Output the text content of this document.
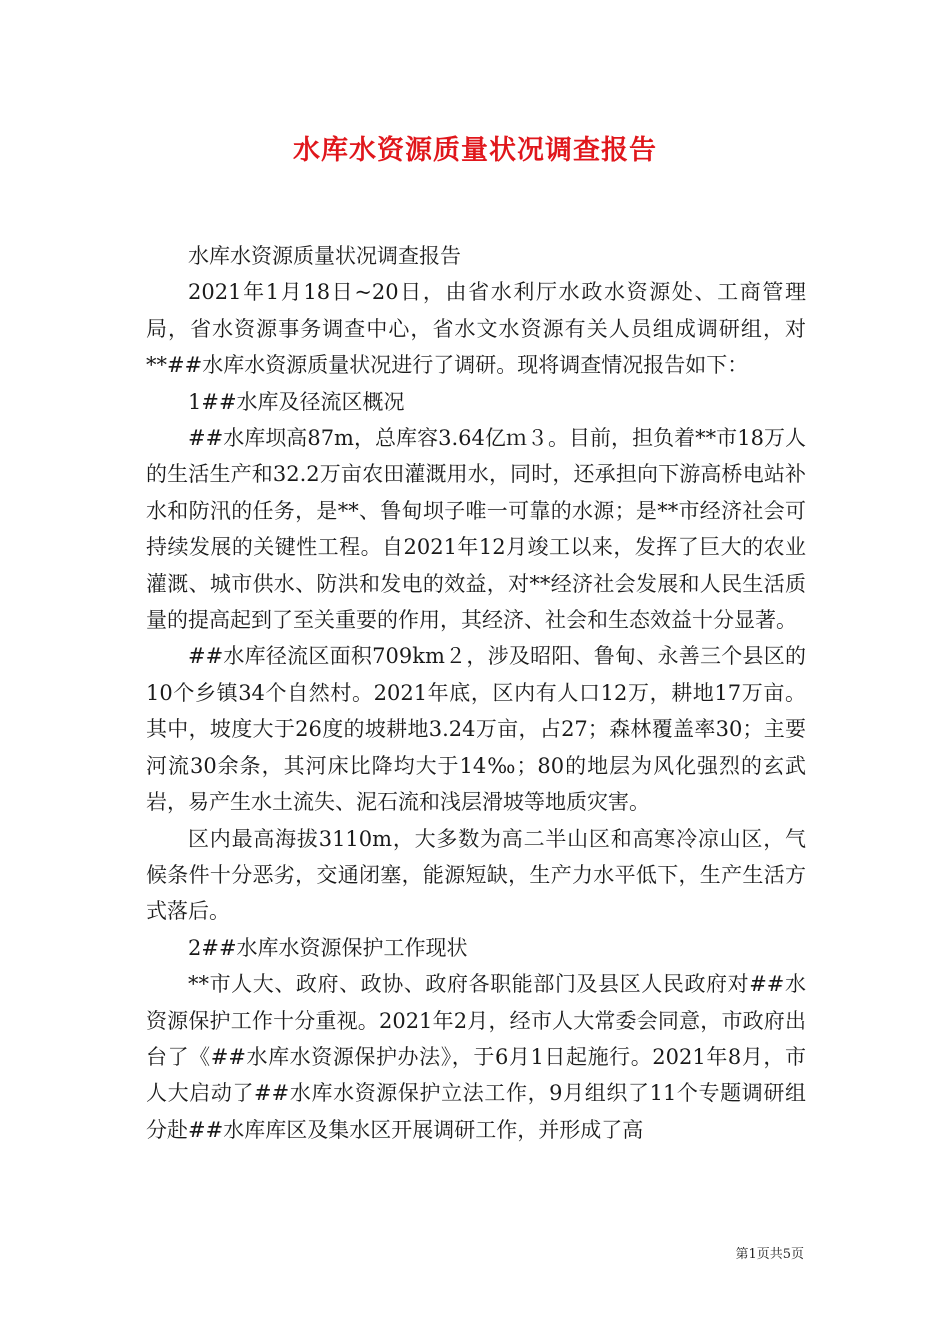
水库水资源质量状况调查报告

水库水资源质量状况调查报告

2021年1月18日~20日，由省水利厅水政水资源处、工商管理局，省水资源事务调查中心，省水文水资源有关人员组成调研组，对**##水库水资源质量状况进行了调研。现将调查情况报告如下：

1##水库及径流区概况

##水库坝高87m，总库容3.64亿ｍ３。目前，担负着**市18万人的生活生产和32.2万亩农田灌溉用水，同时，还承担向下游高桥电站补水和防汛的任务，是**、鲁甸坝子唯一可靠的水源；是**市经济社会可持续发展的关键性工程。自2021年12月竣工以来，发挥了巨大的农业灌溉、城市供水、防洪和发电的效益，对**经济社会发展和人民生活质量的提高起到了至关重要的作用，其经济、社会和生态效益十分显著。

##水库径流区面积709km２，涉及昭阳、鲁甸、永善三个县区的10个乡镇34个自然村。2021年底，区内有人口12万，耕地17万亩。其中，坡度大于26度的坡耕地3.24万亩，占27；森林覆盖率30；主要河流30余条，其河床比降均大于14‰；80的地层为风化强烈的玄武岩，易产生水土流失、泥石流和浅层滑坡等地质灾害。

区内最高海拔3110m，大多数为高二半山区和高寒冷凉山区，气候条件十分恶劣，交通闭塞，能源短缺，生产力水平低下，生产生活方式落后。

2##水库水资源保护工作现状

**市人大、政府、政协、政府各职能部门及县区人民政府对##水资源保护工作十分重视。2021年2月，经市人大常委会同意，市政府出台了《##水库水资源保护办法》，于6月1日起施行。2021年8月，市人大启动了##水库水资源保护立法工作，9月组织了11个专题调研组分赴##水库库区及集水区开展调研工作，并形成了高

第1页共5页
